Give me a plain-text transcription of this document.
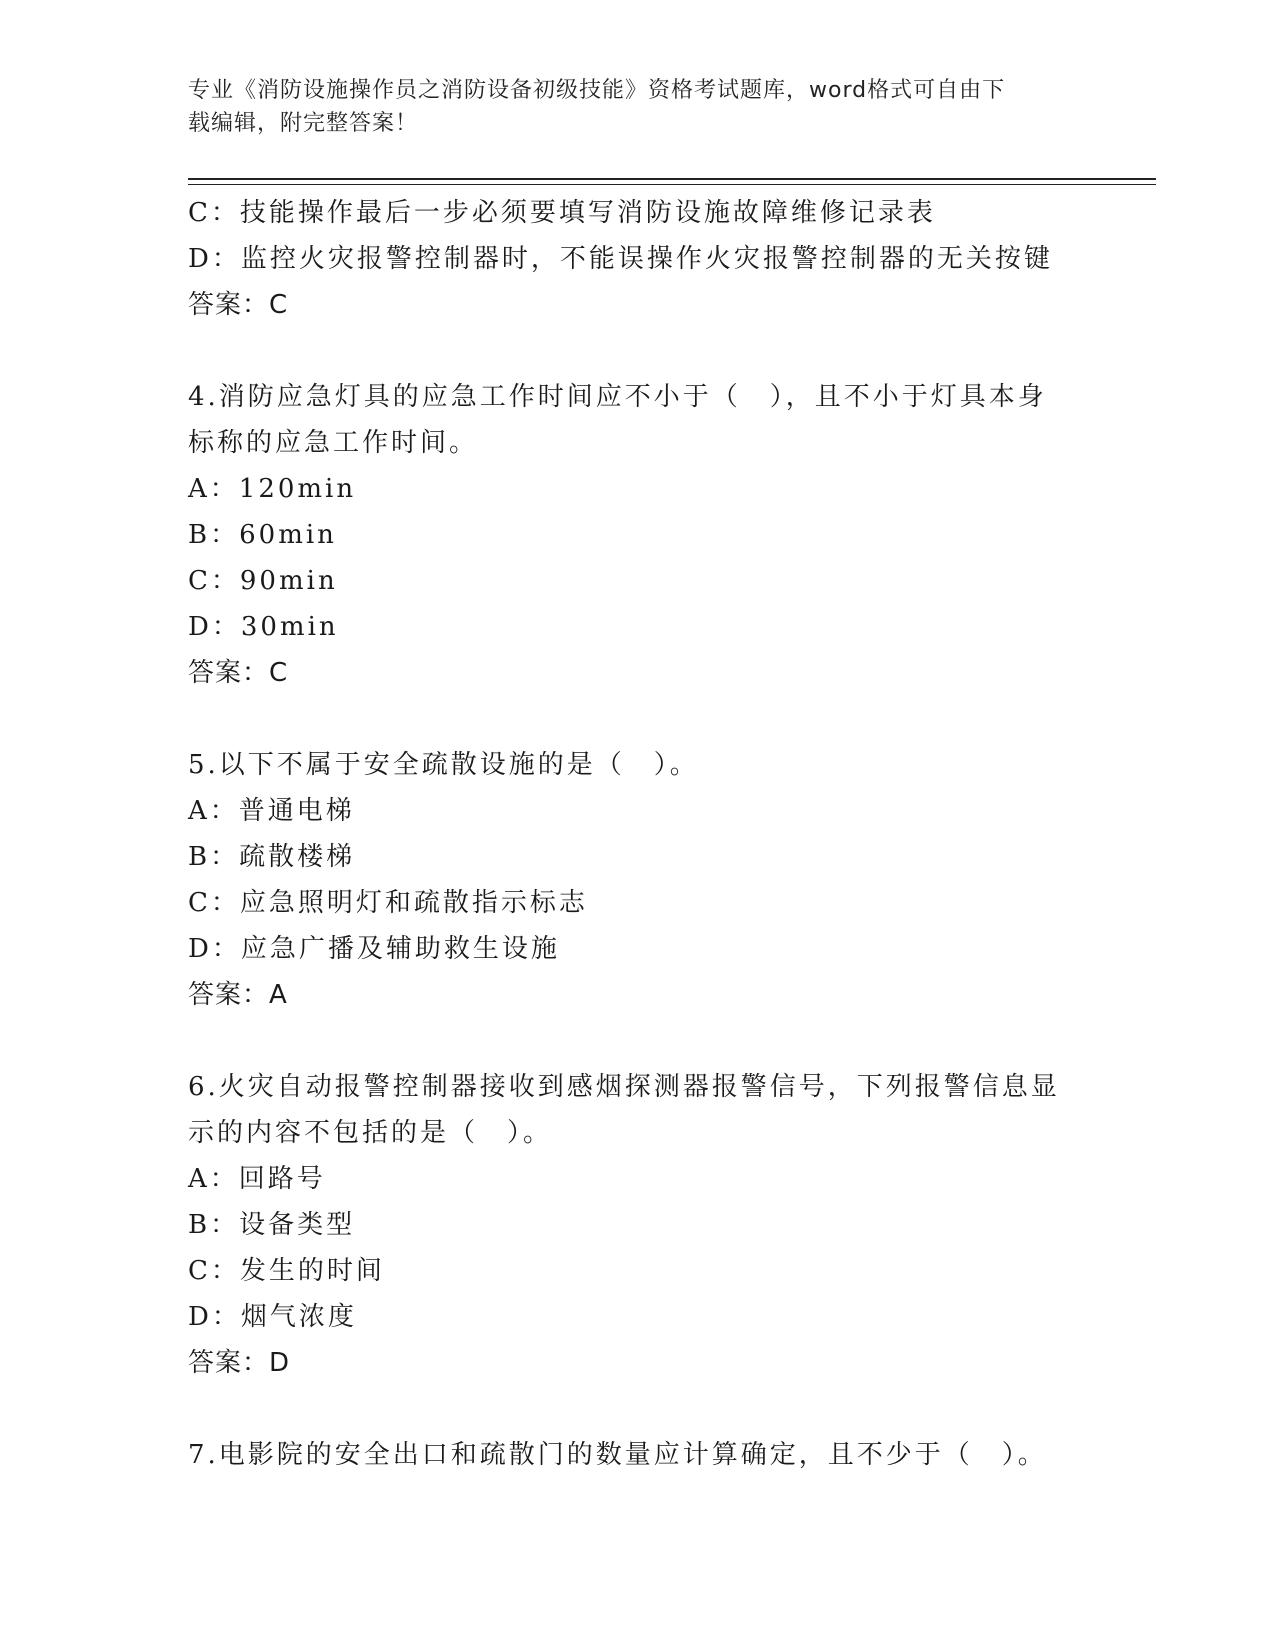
专业《消防设施操作员之消防设备初级技能》资格考试题库，word格式可自由下
载编辑，附完整答案！
C：技能操作最后一步必须要填写消防设施故障维修记录表
D：监控火灾报警控制器时，不能误操作火灾报警控制器的无关按键
答案：C
4.消防应急灯具的应急工作时间应不小于（　），且不小于灯具本身
标称的应急工作时间。
A：120min
B：60min
C：90min
D：30min
答案：C
5.以下不属于安全疏散设施的是（　）。
A：普通电梯
B：疏散楼梯
C：应急照明灯和疏散指示标志
D：应急广播及辅助救生设施
答案：A
6.火灾自动报警控制器接收到感烟探测器报警信号，下列报警信息显
示的内容不包括的是（　）。
A：回路号
B：设备类型
C：发生的时间
D：烟气浓度
答案：D
7.电影院的安全出口和疏散门的数量应计算确定，且不少于（　）。
